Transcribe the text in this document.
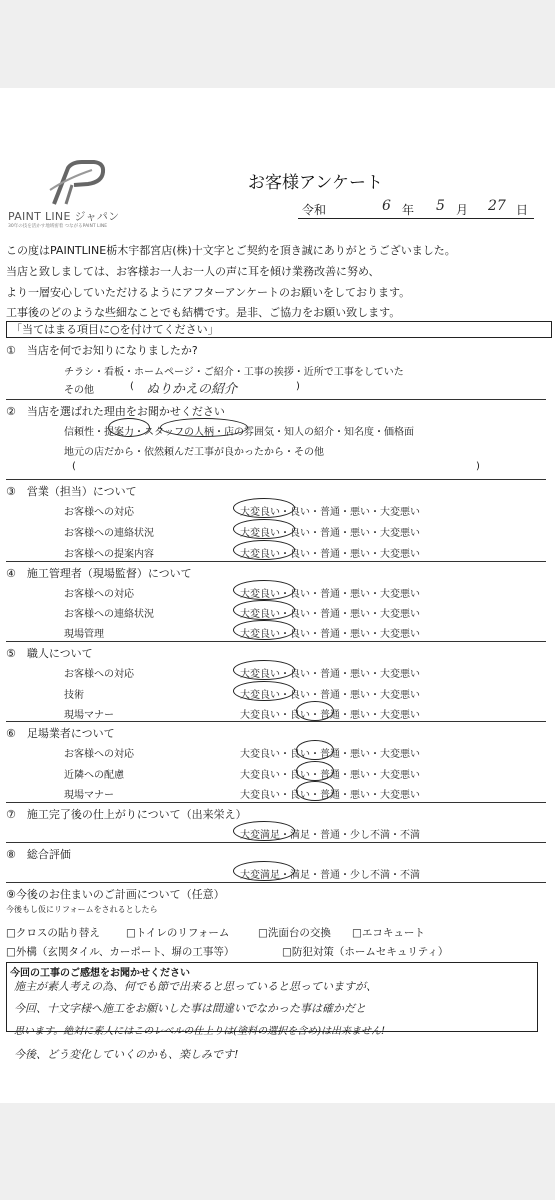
PAINT LINE ジャパン
30年の技を活かす地域密着 つながるPAINT LINE
お客様アンケート
令和	6 年 5 月 27 日
この度はPAINTLINE栃木宇都宮店(株)十文字とご契約を頂き誠にありがとうございました。
当店と致しましては、お客様お一人お一人の声に耳を傾け業務改善に努め、
より一層安心していただけるようにアフターアンケートのお願いをしております。
工事後のどのような些細なことでも結構です。是非、ご協力をお願い致します。
「当てはまる項目に○を付けてください」
①　当店を何でお知りになりましたか?
チラシ・看板・ホームページ・ご紹介・工事の挨拶・近所で工事をしていた
その他	( ぬりかえの紹介	)
②　当店を選ばれた理由をお聞かせください
信頼性・提案力・スタッフの人柄・店の雰囲気・知人の紹介・知名度・価格面
地元の店だから・依然頼んだ工事が良かったから・その他
(	)
③　営業（担当）について
お客様への対応	大変良い・良い・普通・悪い・大変悪い
お客様への連絡状況	大変良い・良い・普通・悪い・大変悪い
お客様への提案内容	大変良い・良い・普通・悪い・大変悪い
④　施工管理者（現場監督）について
お客様への対応	大変良い・良い・普通・悪い・大変悪い
お客様への連絡状況	大変良い・良い・普通・悪い・大変悪い
現場管理	大変良い・良い・普通・悪い・大変悪い
⑤　職人について
お客様への対応	大変良い・良い・普通・悪い・大変悪い
技術	大変良い・良い・普通・悪い・大変悪い
現場マナー	大変良い・良い・普通・悪い・大変悪い
⑥　足場業者について
お客様への対応	大変良い・良い・普通・悪い・大変悪い
近隣への配慮	大変良い・良い・普通・悪い・大変悪い
現場マナー	大変良い・良い・普通・悪い・大変悪い
⑦　施工完了後の仕上がりについて（出来栄え）
大変満足・満足・普通・少し不満・不満
⑧　総合評価
大変満足・満足・普通・少し不満・不満
⑨今後のお住まいのご計画について（任意）
今後もし仮にリフォームをされるとしたら
□クロスの貼り替え □トイレのリフォーム	□洗面台の交換 □エコキュート
□外構（玄関タイル、カーポート、塀の工事等）	□防犯対策（ホームセキュリティ）
今回の工事のご感想をお聞かせください
施主が素人考えの為、何でも節で出来ると思っていると思っていますが、
今回、十文字様へ施工をお願いした事は間違いでなかった事は確かだと
思います。絶対に素人にはこのレベルの仕上りは(塗料の選択を含め)は出来ません!
今後、どう変化していくのかも、楽しみです!
